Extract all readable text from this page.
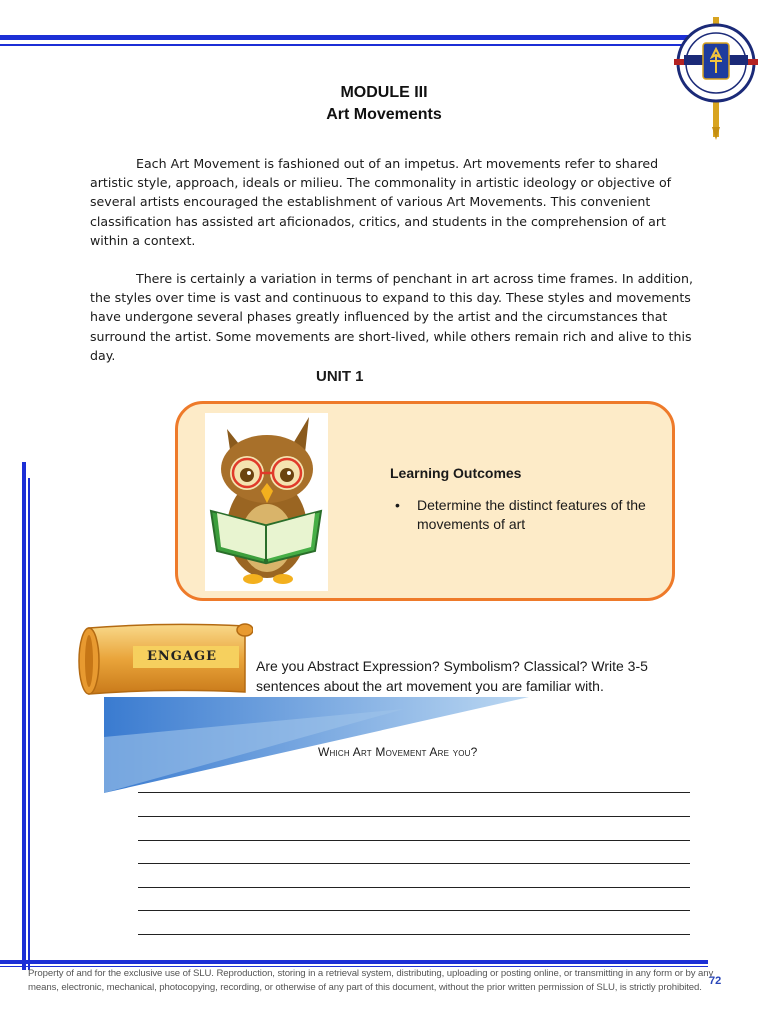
MODULE III
Art Movements

Each Art Movement is fashioned out of an impetus. Art movements refer to shared artistic style, approach, ideals or milieu. The commonality in artistic ideology or objective of several artists encouraged the establishment of various Art Movements. This convenient classification has assisted art aficionados, critics, and students in the comprehension of art within a context.

There is certainly a variation in terms of penchant in art across time frames. In addition, the styles over time is vast and continuous to expand to this day. These styles and movements have undergone several phases greatly influenced by the artist and the circumstances that surround the artist. Some movements are short-lived, while others remain rich and alive to this day.

UNIT 1
Learning Outcomes
• Determine the distinct features of the movements of art
ENGAGE
Are you Abstract Expression? Symbolism? Classical? Write 3-5 sentences about the art movement you are familiar with.
Which Art Movement Are you?
Property of and for the exclusive use of SLU. Reproduction, storing in a retrieval system, distributing, uploading or posting online, or transmitting in any form or by any means, electronic, mechanical, photocopying, recording, or otherwise of any part of this document, without the prior written permission of SLU, is strictly prohibited.
72
